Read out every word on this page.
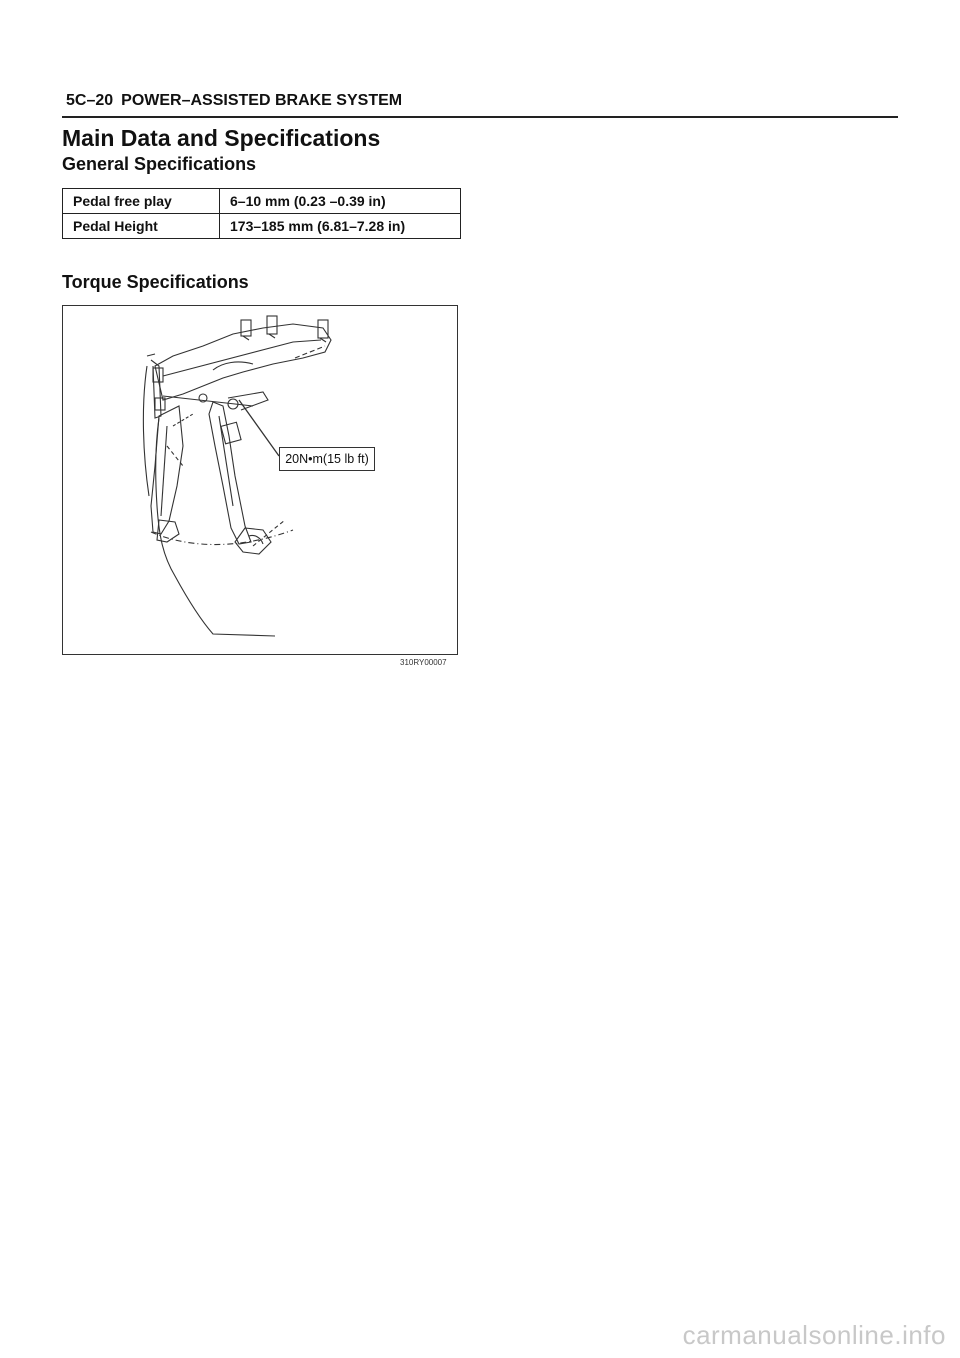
5C–20 POWER–ASSISTED BRAKE SYSTEM
Main Data and Specifications
General Specifications
Pedal free play	6–10 mm (0.23 –0.39 in)
Pedal Height	173–185 mm (6.81–7.28 in)
Torque Specifications
20N•m(15 lb ft)
310RY00007
carmanualsonline.info
